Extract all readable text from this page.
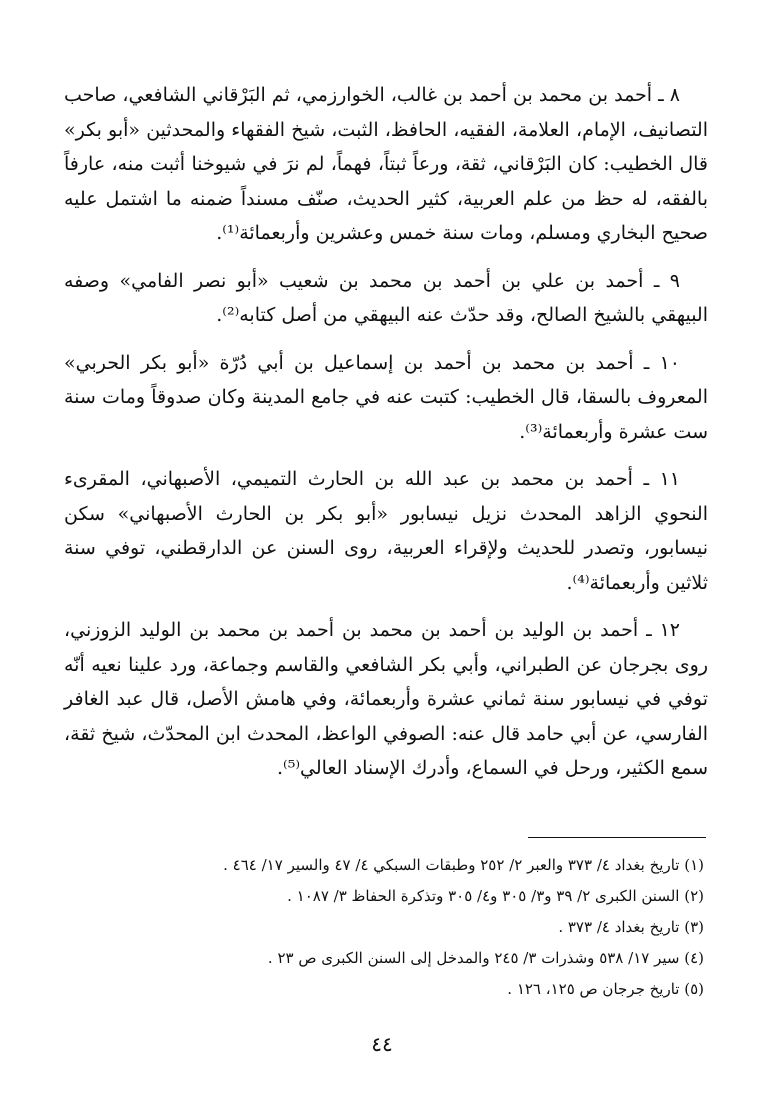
٨ ـ أحمد بن محمد بن أحمد بن غالب، الخوارزمي، ثم البَرْقاني الشافعي، صاحب التصانيف، الإمام، العلامة، الفقيه، الحافظ، الثبت، شيخ الفقهاء والمحدثين «أبو بكر» قال الخطيب: كان البَرْقاني، ثقة، ورعاً ثبتاً، فهماً، لم نرَ في شيوخنا أثبت منه، عارفاً بالفقه، له حظ من علم العربية، كثير الحديث، صنّف مسنداً ضمنه ما اشتمل عليه صحيح البخاري ومسلم، ومات سنة خمس وعشرين وأربعمائة⁽¹⁾.

٩ ـ أحمد بن علي بن أحمد بن محمد بن شعيب «أبو نصر الفامي» وصفه البيهقي بالشيخ الصالح، وقد حدّث عنه البيهقي من أصل كتابه⁽²⁾.

١٠ ـ أحمد بن محمد بن أحمد بن إسماعيل بن أبي دُرّة «أبو بكر الحربي» المعروف بالسقا، قال الخطيب: كتبت عنه في جامع المدينة وكان صدوقاً ومات سنة ست عشرة وأربعمائة⁽³⁾.

١١ ـ أحمد بن محمد بن عبد الله بن الحارث التميمي، الأصبهاني، المقرىء النحوي الزاهد المحدث نزيل نيسابور «أبو بكر بن الحارث الأصبهاني» سكن نيسابور، وتصدر للحديث ولإقراء العربية، روى السنن عن الدارقطني، توفي سنة ثلاثين وأربعمائة⁽⁴⁾.

١٢ ـ أحمد بن الوليد بن أحمد بن محمد بن أحمد بن محمد بن الوليد الزوزني، روى بجرجان عن الطبراني، وأبي بكر الشافعي والقاسم وجماعة، ورد علينا نعيه أنّه توفي في نيسابور سنة ثماني عشرة وأربعمائة، وفي هامش الأصل، قال عبد الغافر الفارسي، عن أبي حامد قال عنه: الصوفي الواعظ، المحدث ابن المحدّث، شيخ ثقة، سمع الكثير، ورحل في السماع، وأدرك الإسناد العالي⁽⁵⁾.

(١) تاريخ بغداد ٤/ ٣٧٣ والعبر ٢/ ٢٥٢ وطبقات السبكي ٤/ ٤٧ والسير ١٧/ ٤٦٤ .

(٢) السنن الكبرى ٢/ ٣٩ و٣/ ٣٠٥ و٤/ ٣٠٥ وتذكرة الحفاظ ٣/ ١٠٨٧ .

(٣) تاريخ بغداد ٤/ ٣٧٣ .

(٤) سير ١٧/ ٥٣٨ وشذرات ٣/ ٢٤٥ والمدخل إلى السنن الكبرى ص ٢٣ .

(٥) تاريخ جرجان ص ١٢٥، ١٢٦ .

٤٤
